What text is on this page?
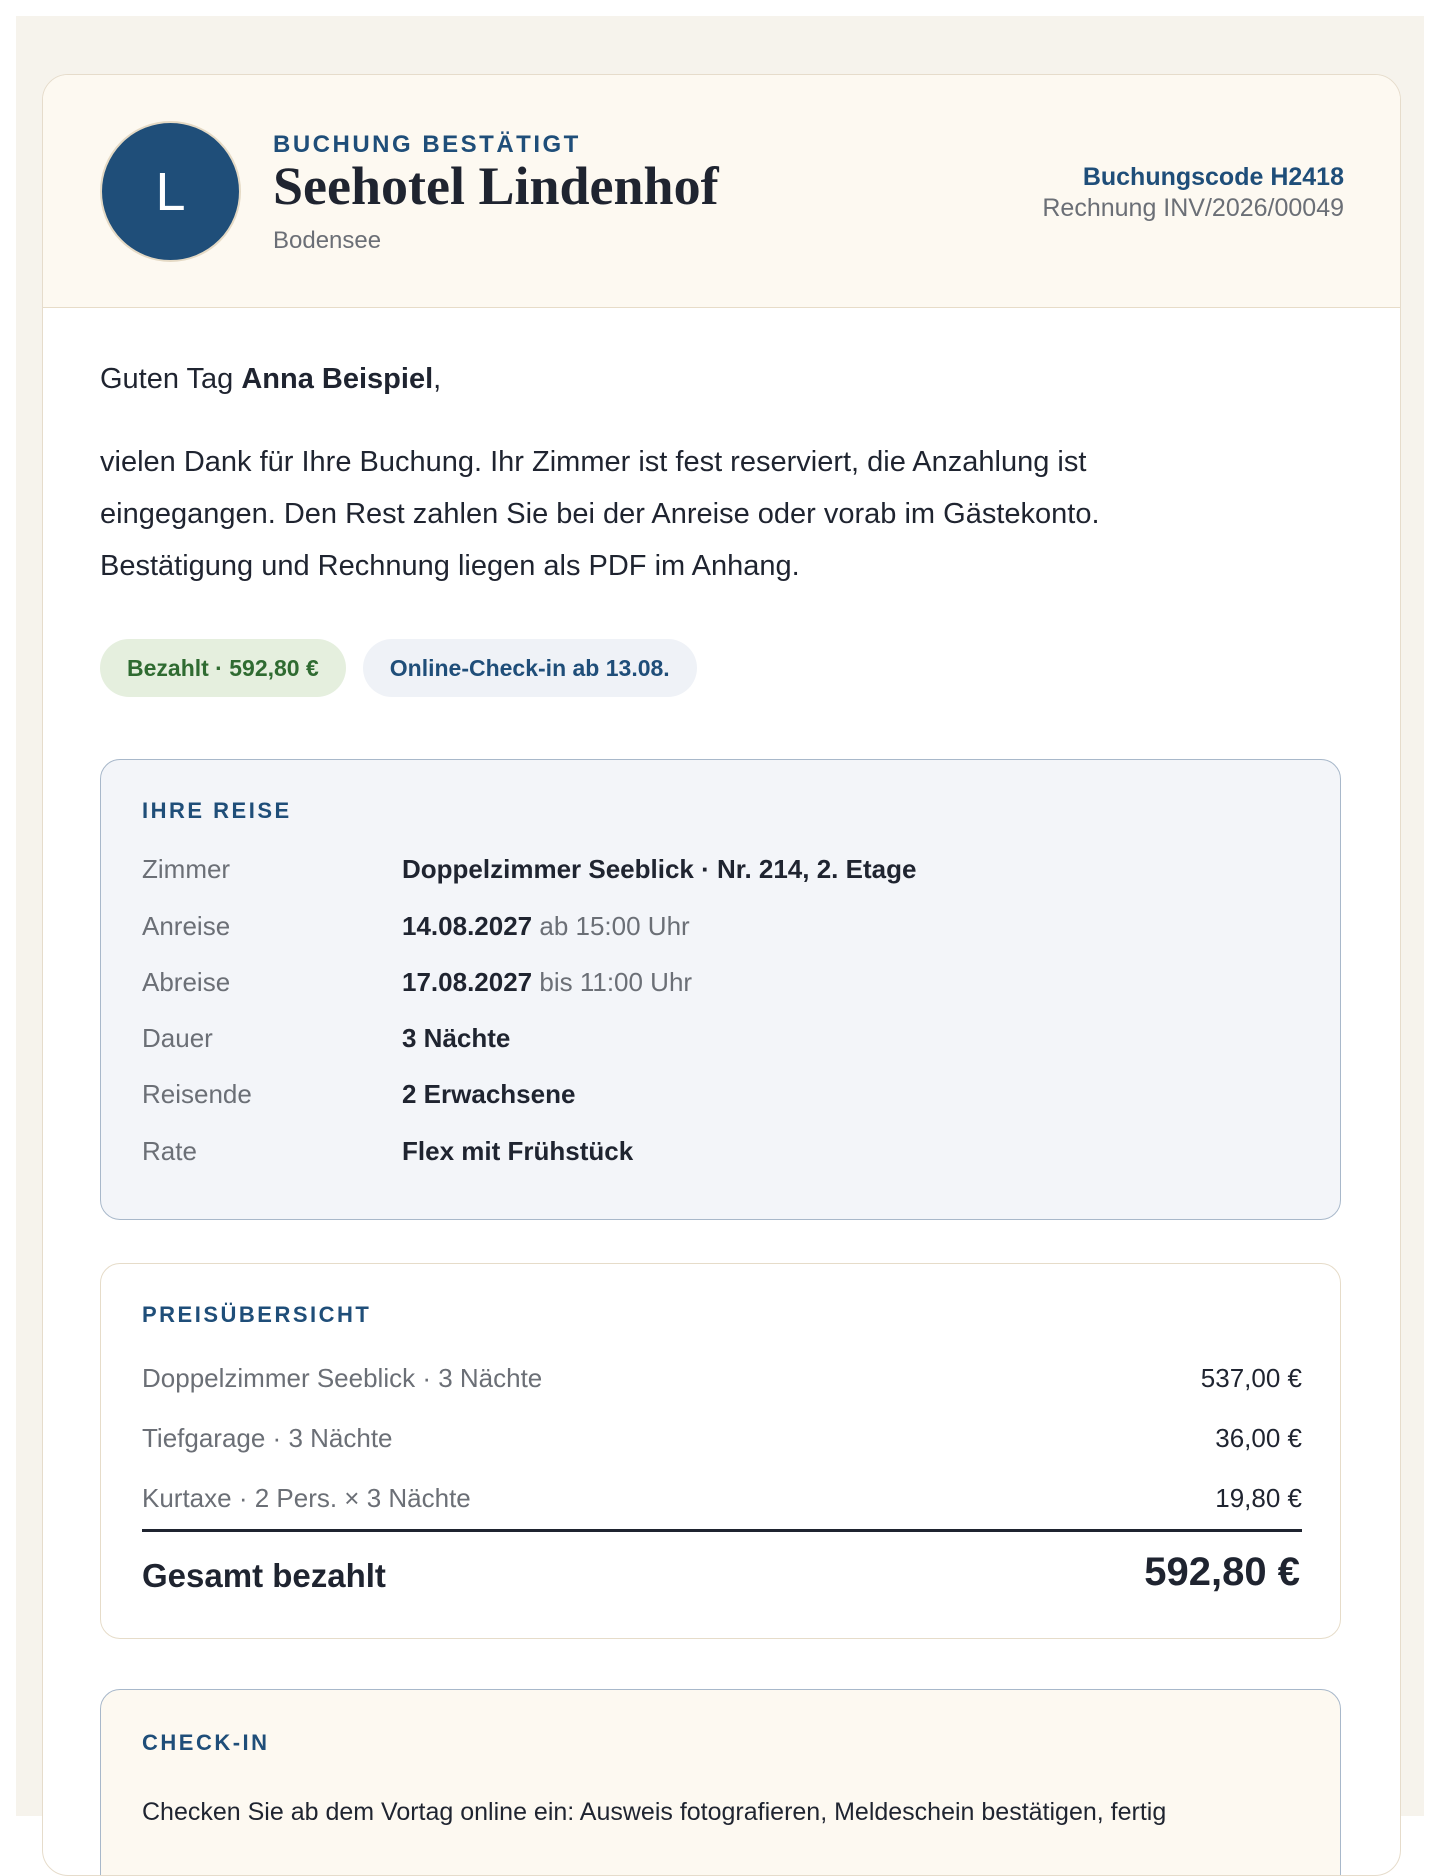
L
BUCHUNG BESTÄTIGT
Seehotel Lindenhof
Bodensee
Buchungscode H2418
Rechnung INV/2026/00049
Guten Tag Anna Beispiel,
vielen Dank für Ihre Buchung. Ihr Zimmer ist fest reserviert, die Anzahlung ist eingegangen. Den Rest zahlen Sie bei der Anreise oder vorab im Gästekonto. Bestätigung und Rechnung liegen als PDF im Anhang.
Bezahlt · 592,80 €	Online-Check-in ab 13.08.
IHRE REISE
Zimmer	Doppelzimmer Seeblick · Nr. 214, 2. Etage
Anreise	14.08.2027 ab 15:00 Uhr
Abreise	17.08.2027 bis 11:00 Uhr
Dauer	3 Nächte
Reisende	2 Erwachsene
Rate	Flex mit Frühstück
PREISÜBERSICHT
Doppelzimmer Seeblick · 3 Nächte	537,00 €
Tiefgarage · 3 Nächte	36,00 €
Kurtaxe · 2 Pers. × 3 Nächte	19,80 €
Gesamt bezahlt	592,80 €
CHECK-IN
Checken Sie ab dem Vortag online ein: Ausweis fotografieren, Meldeschein bestätigen, fertig
